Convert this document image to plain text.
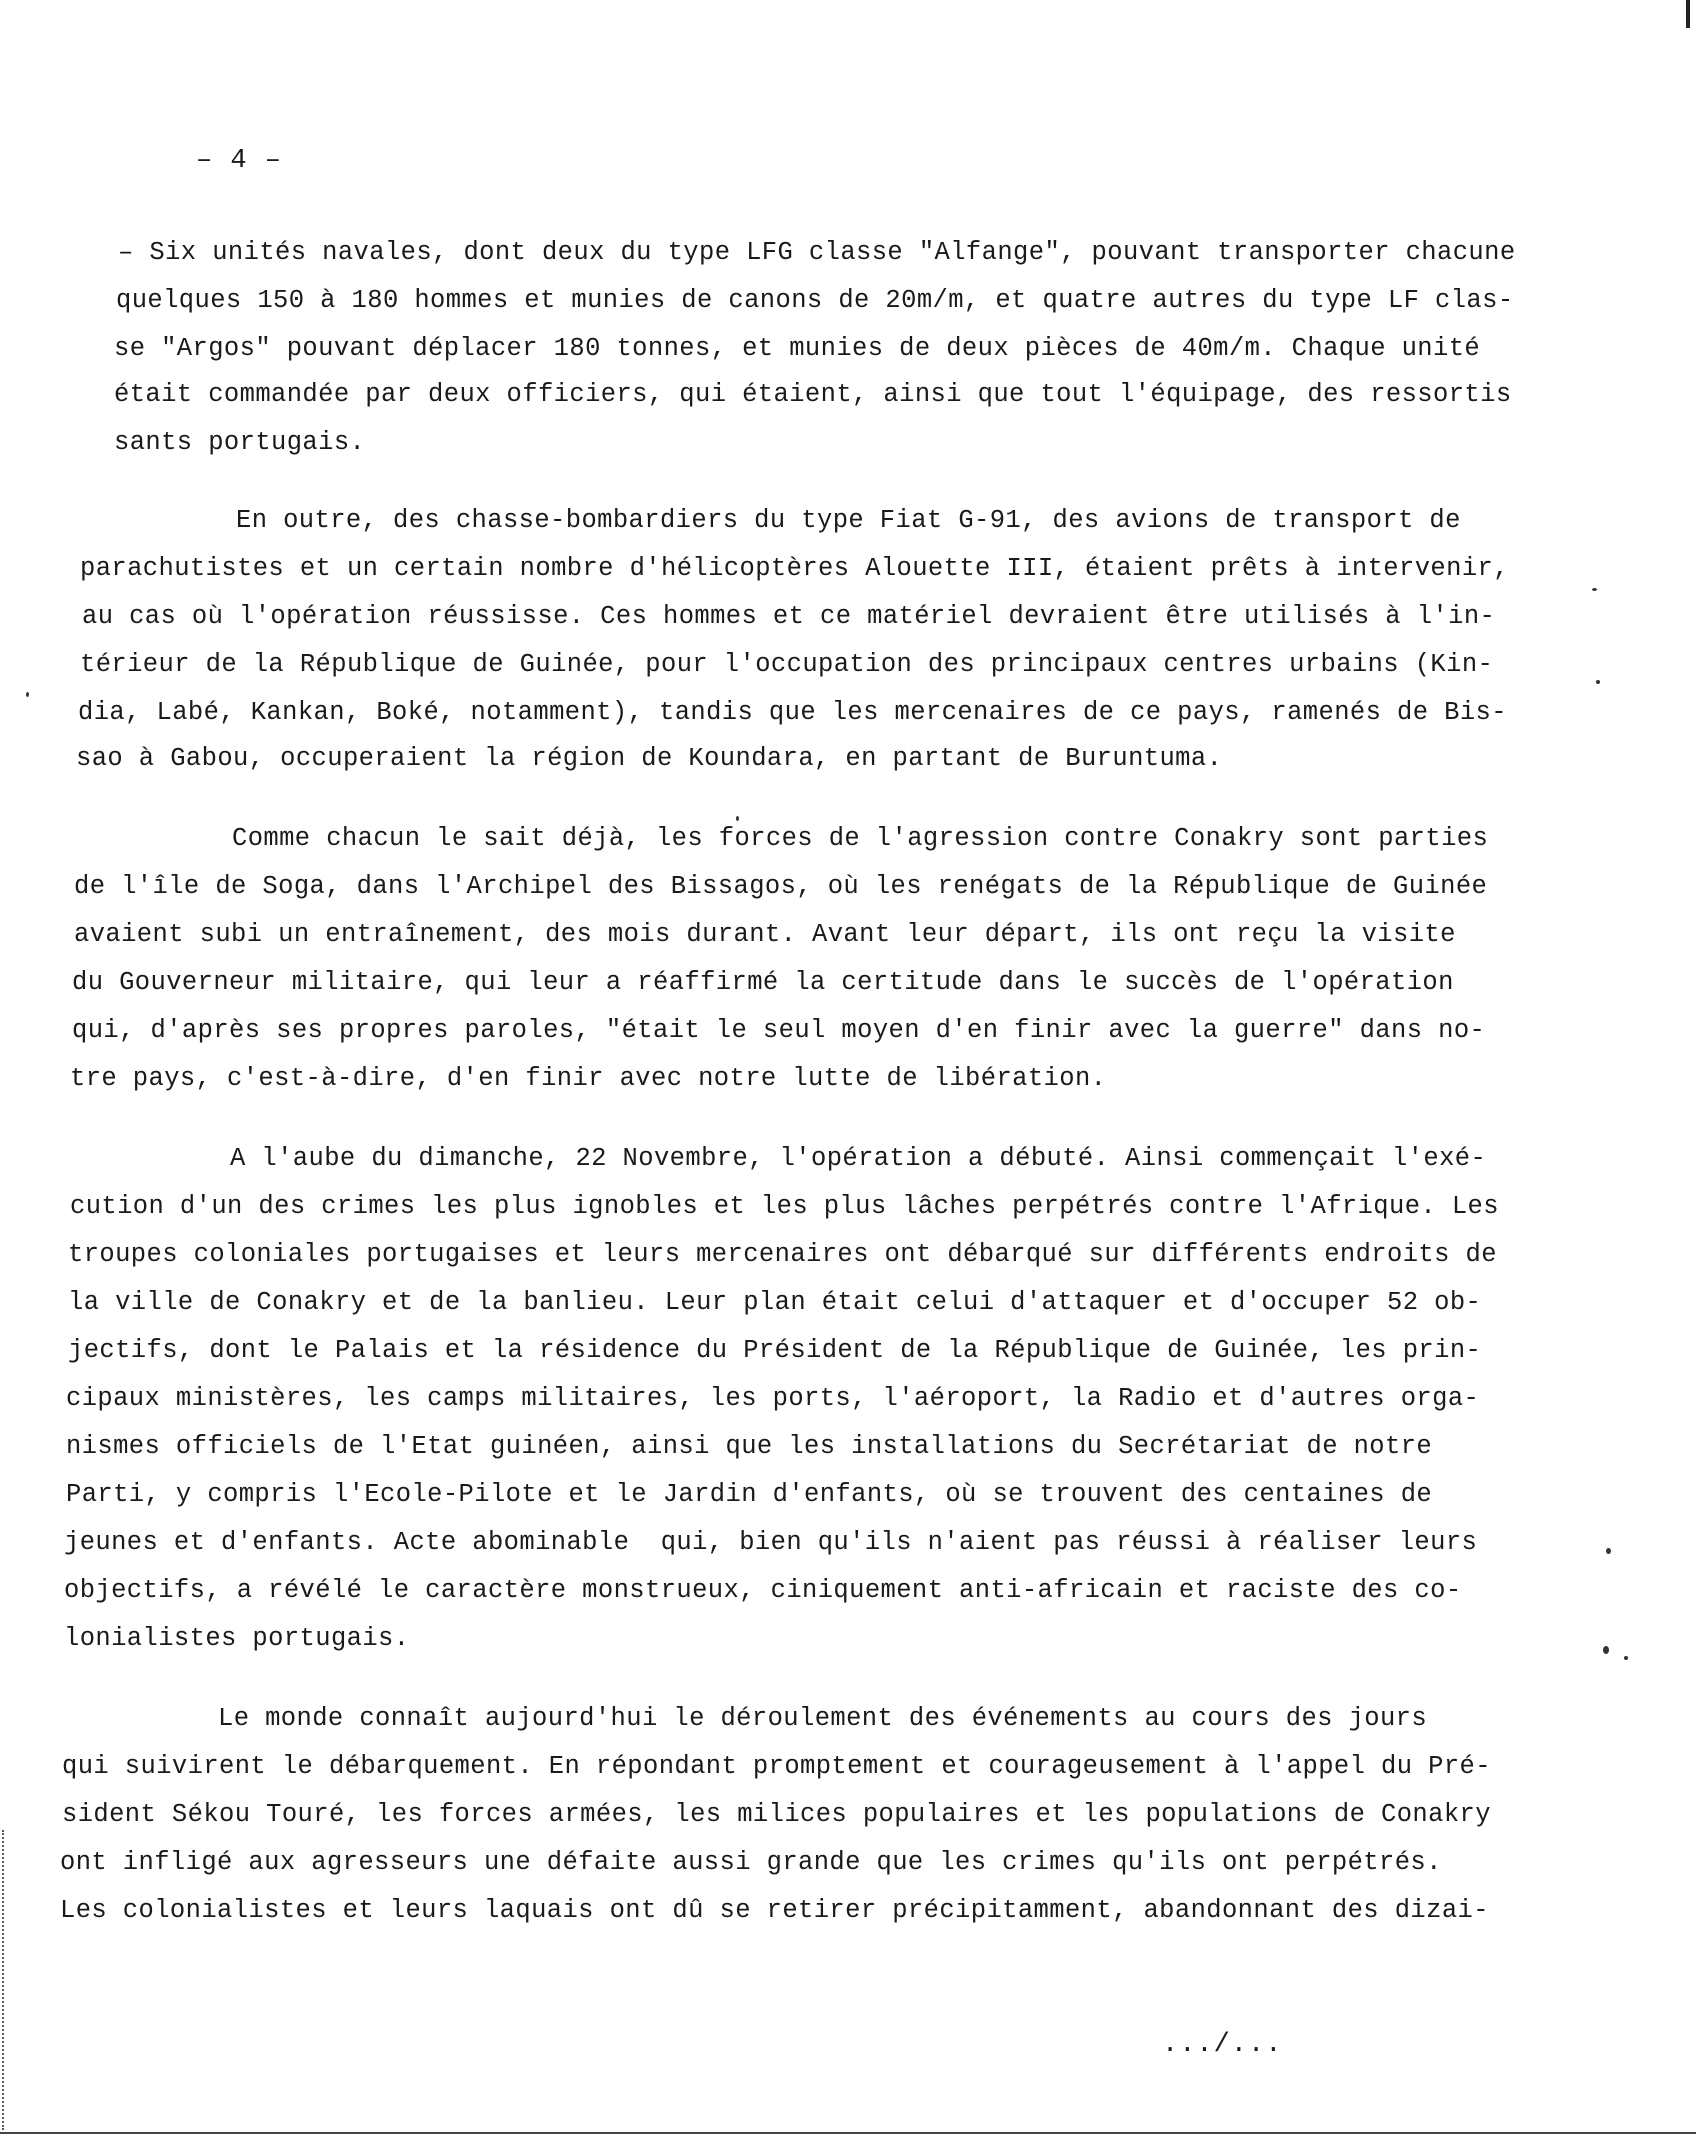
– 4 –
– Six unités navales, dont deux du type LFG classe "Alfange", pouvant transporter chacune
quelques 150 à 180 hommes et munies de canons de 20m/m, et quatre autres du type LF clas-
se "Argos" pouvant déplacer 180 tonnes, et munies de deux pièces de 40m/m. Chaque unité
était commandée par deux officiers, qui étaient, ainsi que tout l'équipage, des ressortis
sants portugais.
En outre, des chasse-bombardiers du type Fiat G-91, des avions de transport de
parachutistes et un certain nombre d'hélicoptères Alouette III, étaient prêts à intervenir,
au cas où l'opération réussisse. Ces hommes et ce matériel devraient être utilisés à l'in-
térieur de la République de Guinée, pour l'occupation des principaux centres urbains (Kin-
dia, Labé, Kankan, Boké, notamment), tandis que les mercenaires de ce pays, ramenés de Bis-
sao à Gabou, occuperaient la région de Koundara, en partant de Buruntuma.
Comme chacun le sait déjà, les forces de l'agression contre Conakry sont parties
de l'île de Soga, dans l'Archipel des Bissagos, où les renégats de la République de Guinée
avaient subi un entraînement, des mois durant. Avant leur départ, ils ont reçu la visite
du Gouverneur militaire, qui leur a réaffirmé la certitude dans le succès de l'opération
qui, d'après ses propres paroles, "était le seul moyen d'en finir avec la guerre" dans no-
tre pays, c'est-à-dire, d'en finir avec notre lutte de libération.
A l'aube du dimanche, 22 Novembre, l'opération a débuté. Ainsi commençait l'exé-
cution d'un des crimes les plus ignobles et les plus lâches perpétrés contre l'Afrique. Les
troupes coloniales portugaises et leurs mercenaires ont débarqué sur différents endroits de
la ville de Conakry et de la banlieu. Leur plan était celui d'attaquer et d'occuper 52 ob-
jectifs, dont le Palais et la résidence du Président de la République de Guinée, les prin-
cipaux ministères, les camps militaires, les ports, l'aéroport, la Radio et d'autres orga-
nismes officiels de l'Etat guinéen, ainsi que les installations du Secrétariat de notre
Parti, y compris l'Ecole-Pilote et le Jardin d'enfants, où se trouvent des centaines de
jeunes et d'enfants. Acte abominable  qui, bien qu'ils n'aient pas réussi à réaliser leurs
objectifs, a révélé le caractère monstrueux, ciniquement anti-africain et raciste des co-
lonialistes portugais.
Le monde connaît aujourd'hui le déroulement des événements au cours des jours
qui suivirent le débarquement. En répondant promptement et courageusement à l'appel du Pré-
sident Sékou Touré, les forces armées, les milices populaires et les populations de Conakry
ont infligé aux agresseurs une défaite aussi grande que les crimes qu'ils ont perpétrés.
Les colonialistes et leurs laquais ont dû se retirer précipitamment, abandonnant des dizai-
.../...
